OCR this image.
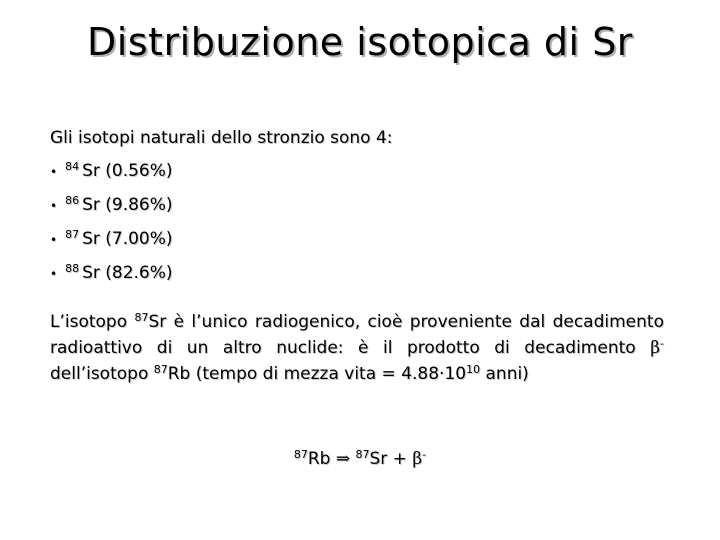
Distribuzione isotopica di Sr
Gli isotopi naturali dello stronzio sono 4:
• $^{84}$ Sr (0.56%)
• $^{86}$ Sr (9.86%)
• $^{87}$ Sr (7.00%)
• $^{88}$ Sr (82.6%)
L’isotopo $^{87}$Sr è l’unico radiogenico, cioè proveniente dal decadimento radioattivo di un altro nuclide: è il prodotto di decadimento β- dell’isotopo $^{87}$Rb (tempo di mezza vita = $4.88\cdot 10^{10}$ anni)
$^{87}$Rb ⇒ $^{87}$Sr + β-
